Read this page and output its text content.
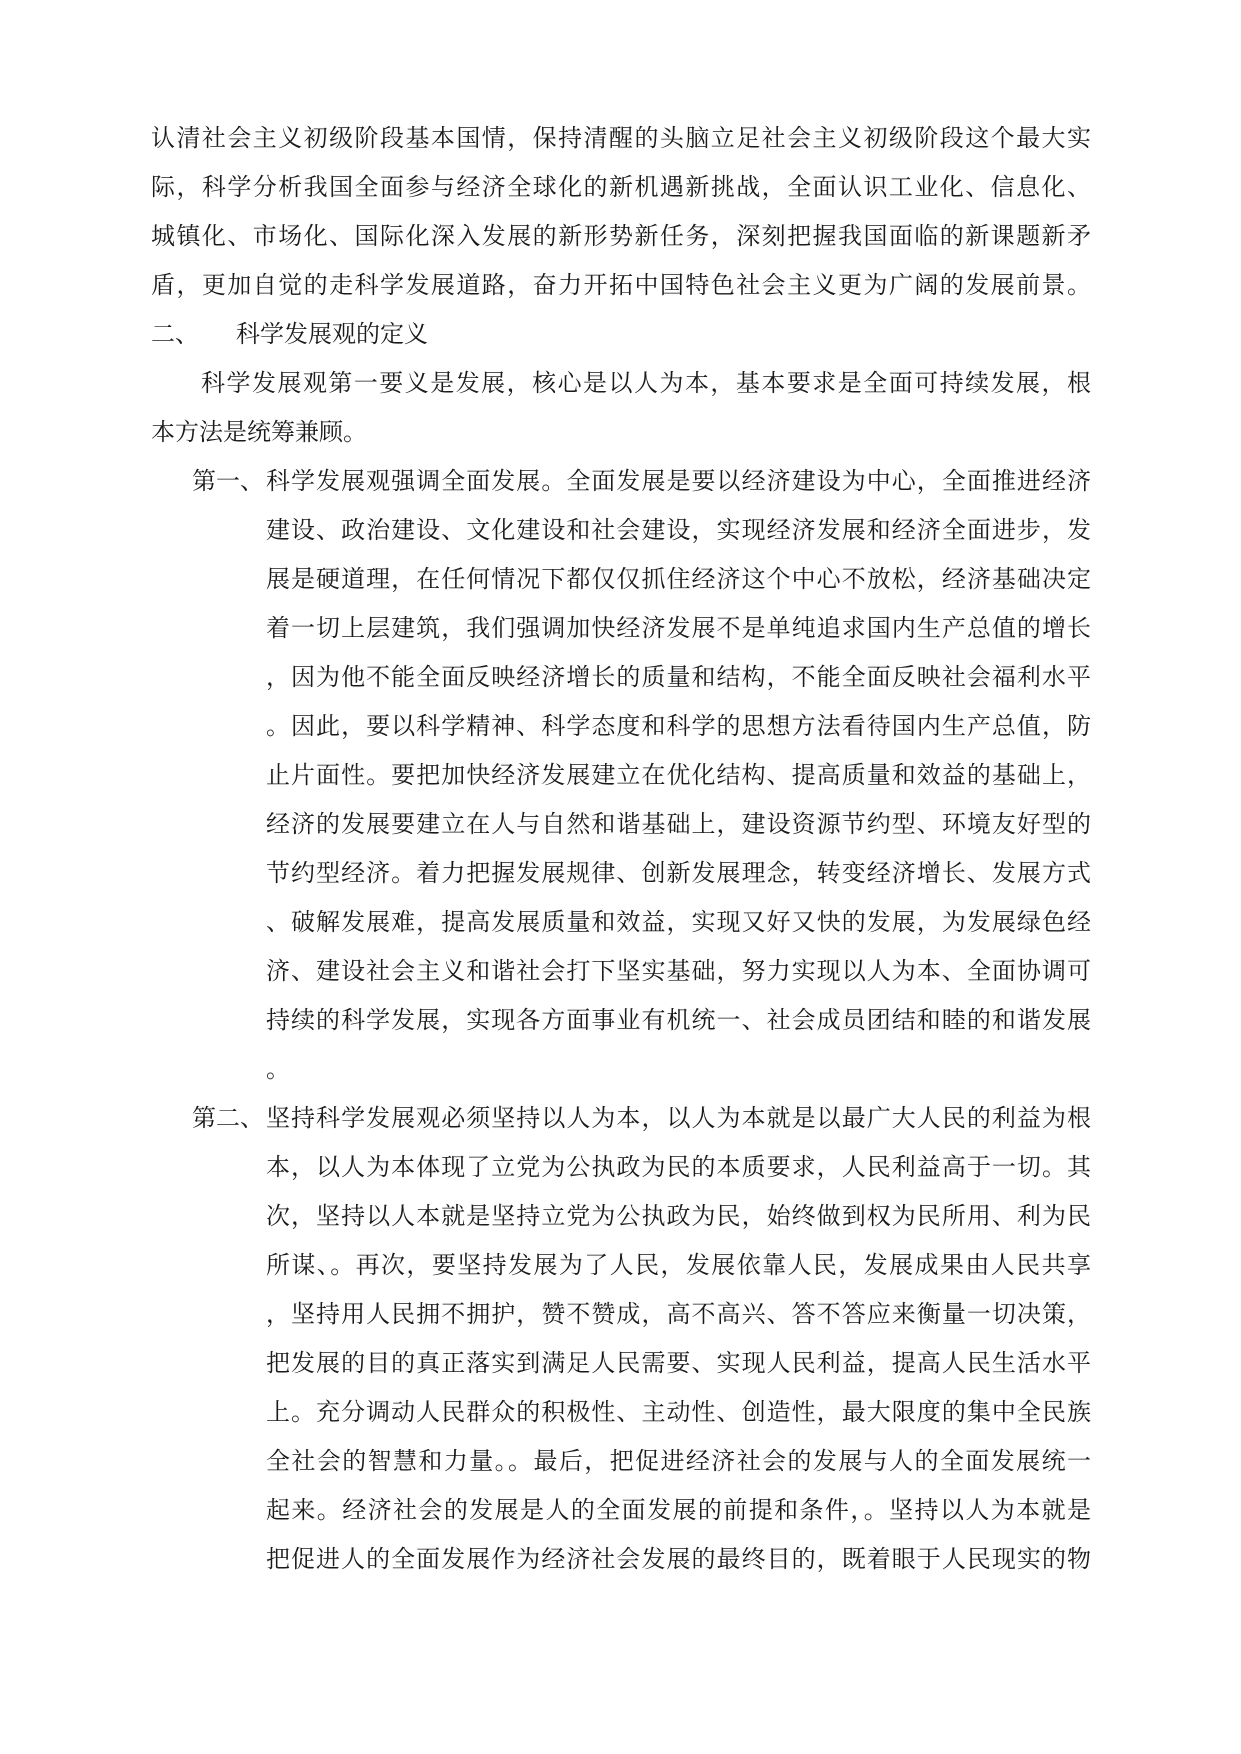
认清社会主义初级阶段基本国情，保持清醒的头脑立足社会主义初级阶段这个最大实
际，科学分析我国全面参与经济全球化的新机遇新挑战，全面认识工业化、信息化、
城镇化、市场化、国际化深入发展的新形势新任务，深刻把握我国面临的新课题新矛
盾，更加自觉的走科学发展道路，奋力开拓中国特色社会主义更为广阔的发展前景。
二、 科学发展观的定义
科学发展观第一要义是发展，核心是以人为本，基本要求是全面可持续发展，根
本方法是统筹兼顾。
第一、 科学发展观强调全面发展。全面发展是要以经济建设为中心，全面推进经济
建设、政治建设、文化建设和社会建设，实现经济发展和经济全面进步，发
展是硬道理，在任何情况下都仅仅抓住经济这个中心不放松，经济基础决定
着一切上层建筑，我们强调加快经济发展不是单纯追求国内生产总值的增长
，因为他不能全面反映经济增长的质量和结构，不能全面反映社会福利水平
。因此，要以科学精神、科学态度和科学的思想方法看待国内生产总值，防
止片面性。要把加快经济发展建立在优化结构、提高质量和效益的基础上，
经济的发展要建立在人与自然和谐基础上，建设资源节约型、环境友好型的
节约型经济。着力把握发展规律、创新发展理念，转变经济增长、发展方式
、破解发展难，提高发展质量和效益，实现又好又快的发展，为发展绿色经
济、建设社会主义和谐社会打下坚实基础，努力实现以人为本、全面协调可
持续的科学发展，实现各方面事业有机统一、社会成员团结和睦的和谐发展
。
第二、 坚持科学发展观必须坚持以人为本，以人为本就是以最广大人民的利益为根
本，以人为本体现了立党为公执政为民的本质要求，人民利益高于一切。其
次，坚持以人本就是坚持立党为公执政为民，始终做到权为民所用、利为民
所谋、。再次，要坚持发展为了人民，发展依靠人民，发展成果由人民共享
，坚持用人民拥不拥护，赞不赞成，高不高兴、答不答应来衡量一切决策，
把发展的目的真正落实到满足人民需要、实现人民利益，提高人民生活水平
上。充分调动人民群众的积极性、主动性、创造性，最大限度的集中全民族
全社会的智慧和力量。。最后，把促进经济社会的发展与人的全面发展统一
起来。经济社会的发展是人的全面发展的前提和条件，。坚持以人为本就是
把促进人的全面发展作为经济社会发展的最终目的，既着眼于人民现实的物
